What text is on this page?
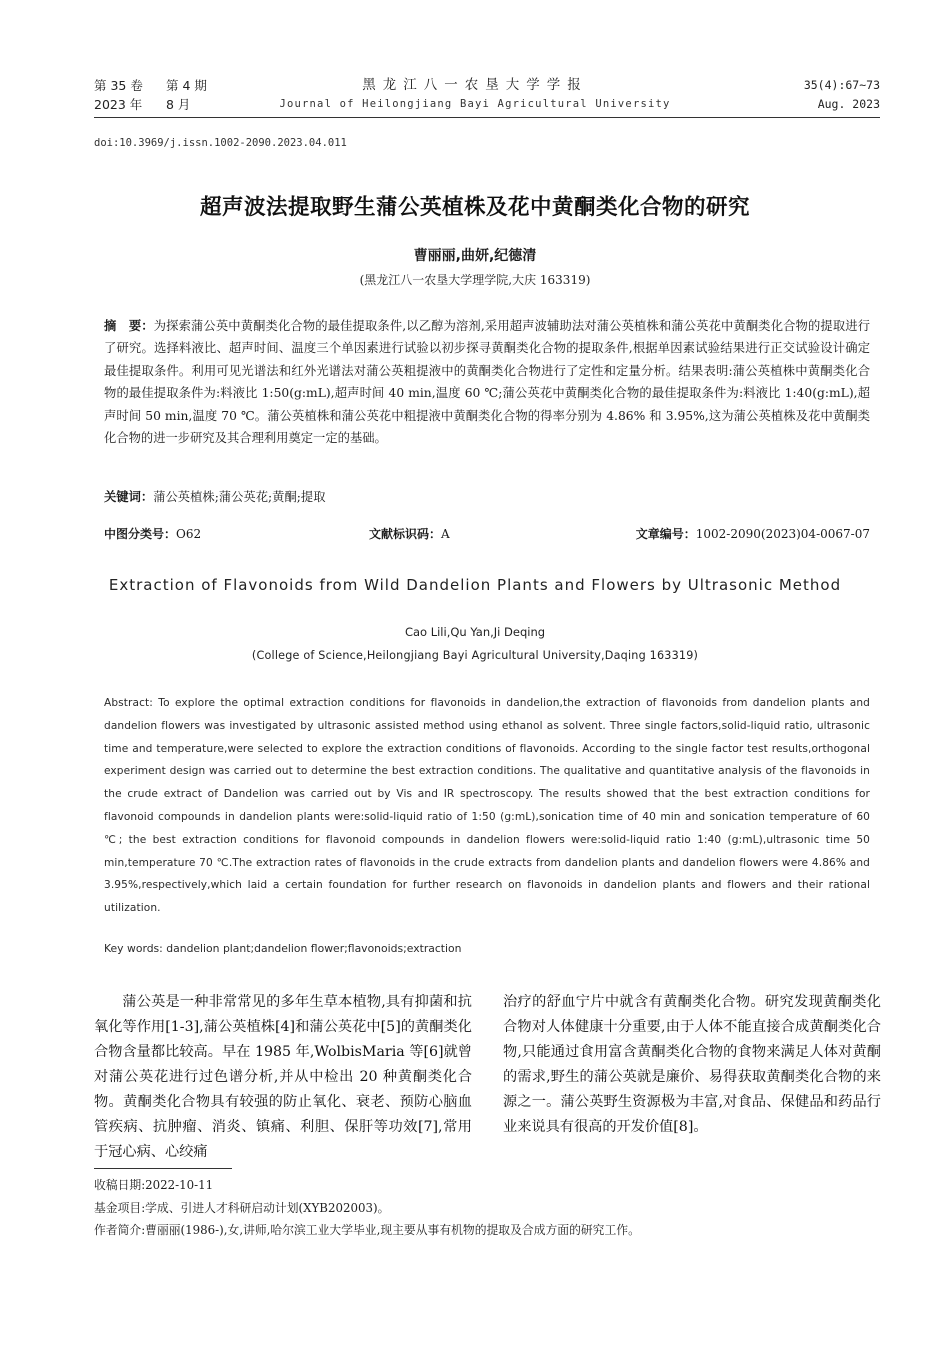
第 35 卷 第 4 期
2023 年 8 月
黑龙江八一农垦大学学报
Journal of Heilongjiang Bayi Agricultural University
35(4):67~73
Aug. 2023
doi:10.3969/j.issn.1002-2090.2023.04.011
超声波法提取野生蒲公英植株及花中黄酮类化合物的研究
曹丽丽,曲妍,纪德清
(黑龙江八一农垦大学理学院,大庆 163319)
摘　要：为探索蒲公英中黄酮类化合物的最佳提取条件,以乙醇为溶剂,采用超声波辅助法对蒲公英植株和蒲公英花中黄酮类化合物的提取进行了研究。选择料液比、超声时间、温度三个单因素进行试验以初步探寻黄酮类化合物的提取条件,根据单因素试验结果进行正交试验设计确定最佳提取条件。利用可见光谱法和红外光谱法对蒲公英粗提液中的黄酮类化合物进行了定性和定量分析。结果表明:蒲公英植株中黄酮类化合物的最佳提取条件为:料液比 1:50(g:mL),超声时间 40 min,温度 60 ℃;蒲公英花中黄酮类化合物的最佳提取条件为:料液比 1:40(g:mL),超声时间 50 min,温度 70 ℃。蒲公英植株和蒲公英花中粗提液中黄酮类化合物的得率分别为 4.86% 和 3.95%,这为蒲公英植株及花中黄酮类化合物的进一步研究及其合理利用奠定一定的基础。
关键词：蒲公英植株;蒲公英花;黄酮;提取
中图分类号：O62	文献标识码：A	文章编号：1002-2090(2023)04-0067-07
Extraction of Flavonoids from Wild Dandelion Plants and Flowers by Ultrasonic Method
Cao Lili,Qu Yan,Ji Deqing
(College of Science,Heilongjiang Bayi Agricultural University,Daqing 163319)
Abstract: To explore the optimal extraction conditions for flavonoids in dandelion,the extraction of flavonoids from dandelion plants and dandelion flowers was investigated by ultrasonic assisted method using ethanol as solvent. Three single factors,solid-liquid ratio, ultrasonic time and temperature,were selected to explore the extraction conditions of flavonoids. According to the single factor test results,orthogonal experiment design was carried out to determine the best extraction conditions. The qualitative and quantitative analysis of the flavonoids in the crude extract of Dandelion was carried out by Vis and IR spectroscopy. The results showed that the best extraction conditions for flavonoid compounds in dandelion plants were:solid-liquid ratio of 1:50 (g:mL),sonication time of 40 min and sonication temperature of 60 ℃; the best extraction conditions for flavonoid compounds in dandelion flowers were:solid-liquid ratio 1:40 (g:mL),ultrasonic time 50 min,temperature 70 ℃.The extraction rates of flavonoids in the crude extracts from dandelion plants and dandelion flowers were 4.86% and 3.95%,respectively,which laid a certain foundation for further research on flavonoids in dandelion plants and flowers and their rational utilization.
Key words: dandelion plant;dandelion flower;flavonoids;extraction
蒲公英是一种非常常见的多年生草本植物,具有抑菌和抗氧化等作用[1-3],蒲公英植株[4]和蒲公英花中[5]的黄酮类化合物含量都比较高。早在 1985 年,WolbisMaria 等[6]就曾对蒲公英花进行过色谱分析,并从中检出 20 种黄酮类化合物。黄酮类化合物具有较强的防止氧化、衰老、预防心脑血管疾病、抗肿瘤、消炎、镇痛、利胆、保肝等功效[7],常用于冠心病、心绞痛
治疗的舒血宁片中就含有黄酮类化合物。研究发现黄酮类化合物对人体健康十分重要,由于人体不能直接合成黄酮类化合物,只能通过食用富含黄酮类化合物的食物来满足人体对黄酮的需求,野生的蒲公英就是廉价、易得获取黄酮类化合物的来源之一。蒲公英野生资源极为丰富,对食品、保健品和药品行业来说具有很高的开发价值[8]。
收稿日期:2022-10-11
基金项目:学成、引进人才科研启动计划(XYB202003)。
作者简介:曹丽丽(1986-),女,讲师,哈尔滨工业大学毕业,现主要从事有机物的提取及合成方面的研究工作。
